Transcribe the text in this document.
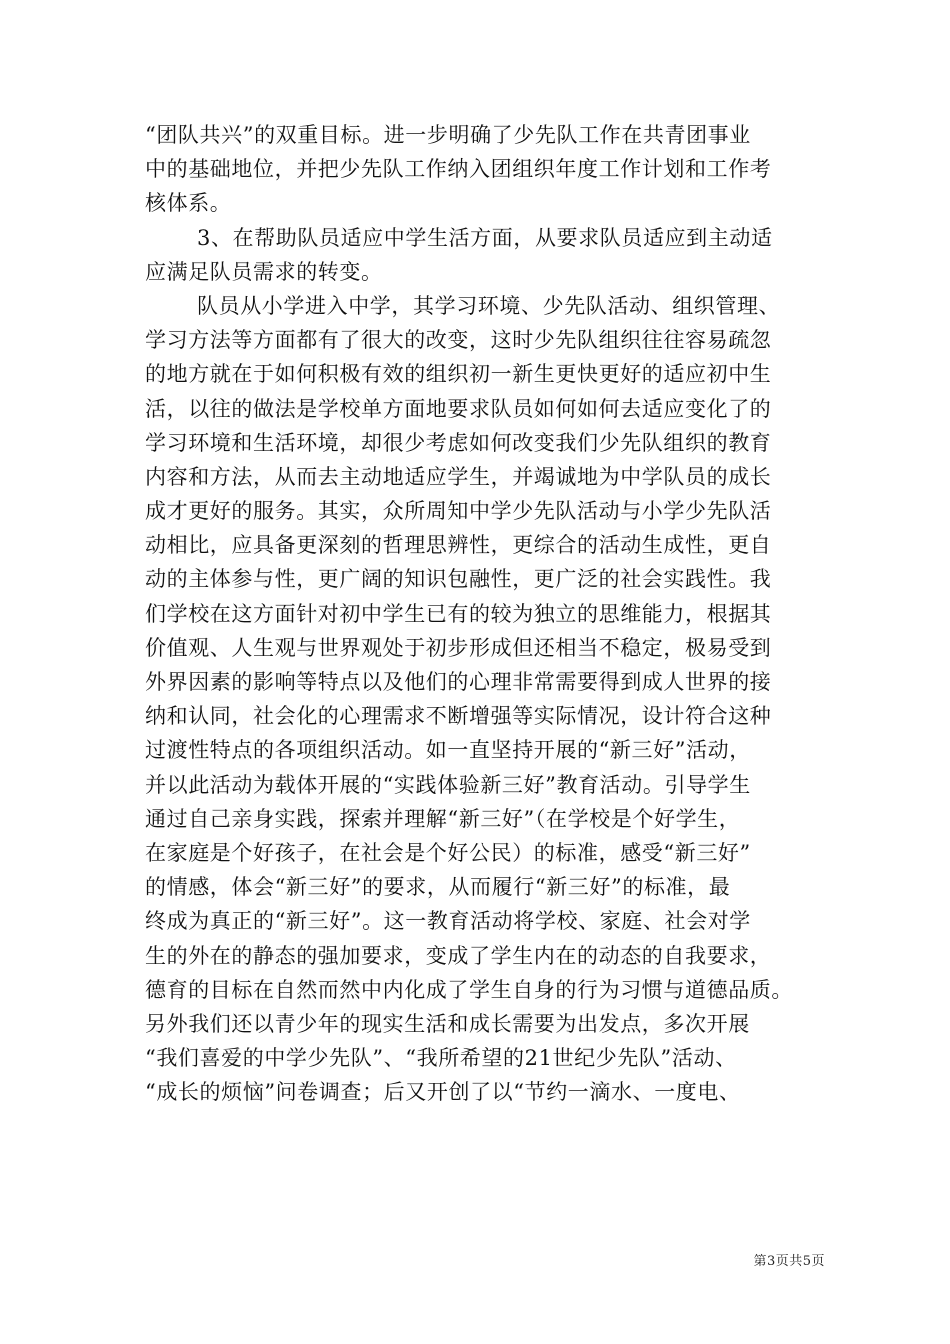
“团队共兴”的双重目标。进一步明确了少先队工作在共青团事业
中的基础地位，并把少先队工作纳入团组织年度工作计划和工作考
核体系。
3、在帮助队员适应中学生活方面，从要求队员适应到主动适
应满足队员需求的转变。
队员从小学进入中学，其学习环境、少先队活动、组织管理、
学习方法等方面都有了很大的改变，这时少先队组织往往容易疏忽
的地方就在于如何积极有效的组织初一新生更快更好的适应初中生
活，以往的做法是学校单方面地要求队员如何如何去适应变化了的
学习环境和生活环境，却很少考虑如何改变我们少先队组织的教育
内容和方法，从而去主动地适应学生，并竭诚地为中学队员的成长
成才更好的服务。其实，众所周知中学少先队活动与小学少先队活
动相比，应具备更深刻的哲理思辨性，更综合的活动生成性，更自
动的主体参与性，更广阔的知识包融性，更广泛的社会实践性。我
们学校在这方面针对初中学生已有的较为独立的思维能力，根据其
价值观、人生观与世界观处于初步形成但还相当不稳定，极易受到
外界因素的影响等特点以及他们的心理非常需要得到成人世界的接
纳和认同，社会化的心理需求不断增强等实际情况，设计符合这种
过渡性特点的各项组织活动。如一直坚持开展的“新三好”活动，
并以此活动为载体开展的“实践体验新三好”教育活动。引导学生
通过自己亲身实践，探索并理解“新三好”（在学校是个好学生，
在家庭是个好孩子，在社会是个好公民）的标准，感受“新三好”
的情感，体会“新三好”的要求，从而履行“新三好”的标准，最
终成为真正的“新三好”。这一教育活动将学校、家庭、社会对学
生的外在的静态的强加要求，变成了学生内在的动态的自我要求，
德育的目标在自然而然中内化成了学生自身的行为习惯与道德品质。
另外我们还以青少年的现实生活和成长需要为出发点，多次开展
“我们喜爱的中学少先队”、“我所希望的21世纪少先队”活动、
“成长的烦恼”问卷调查；后又开创了以“节约一滴水、一度电、
第3页共5页
